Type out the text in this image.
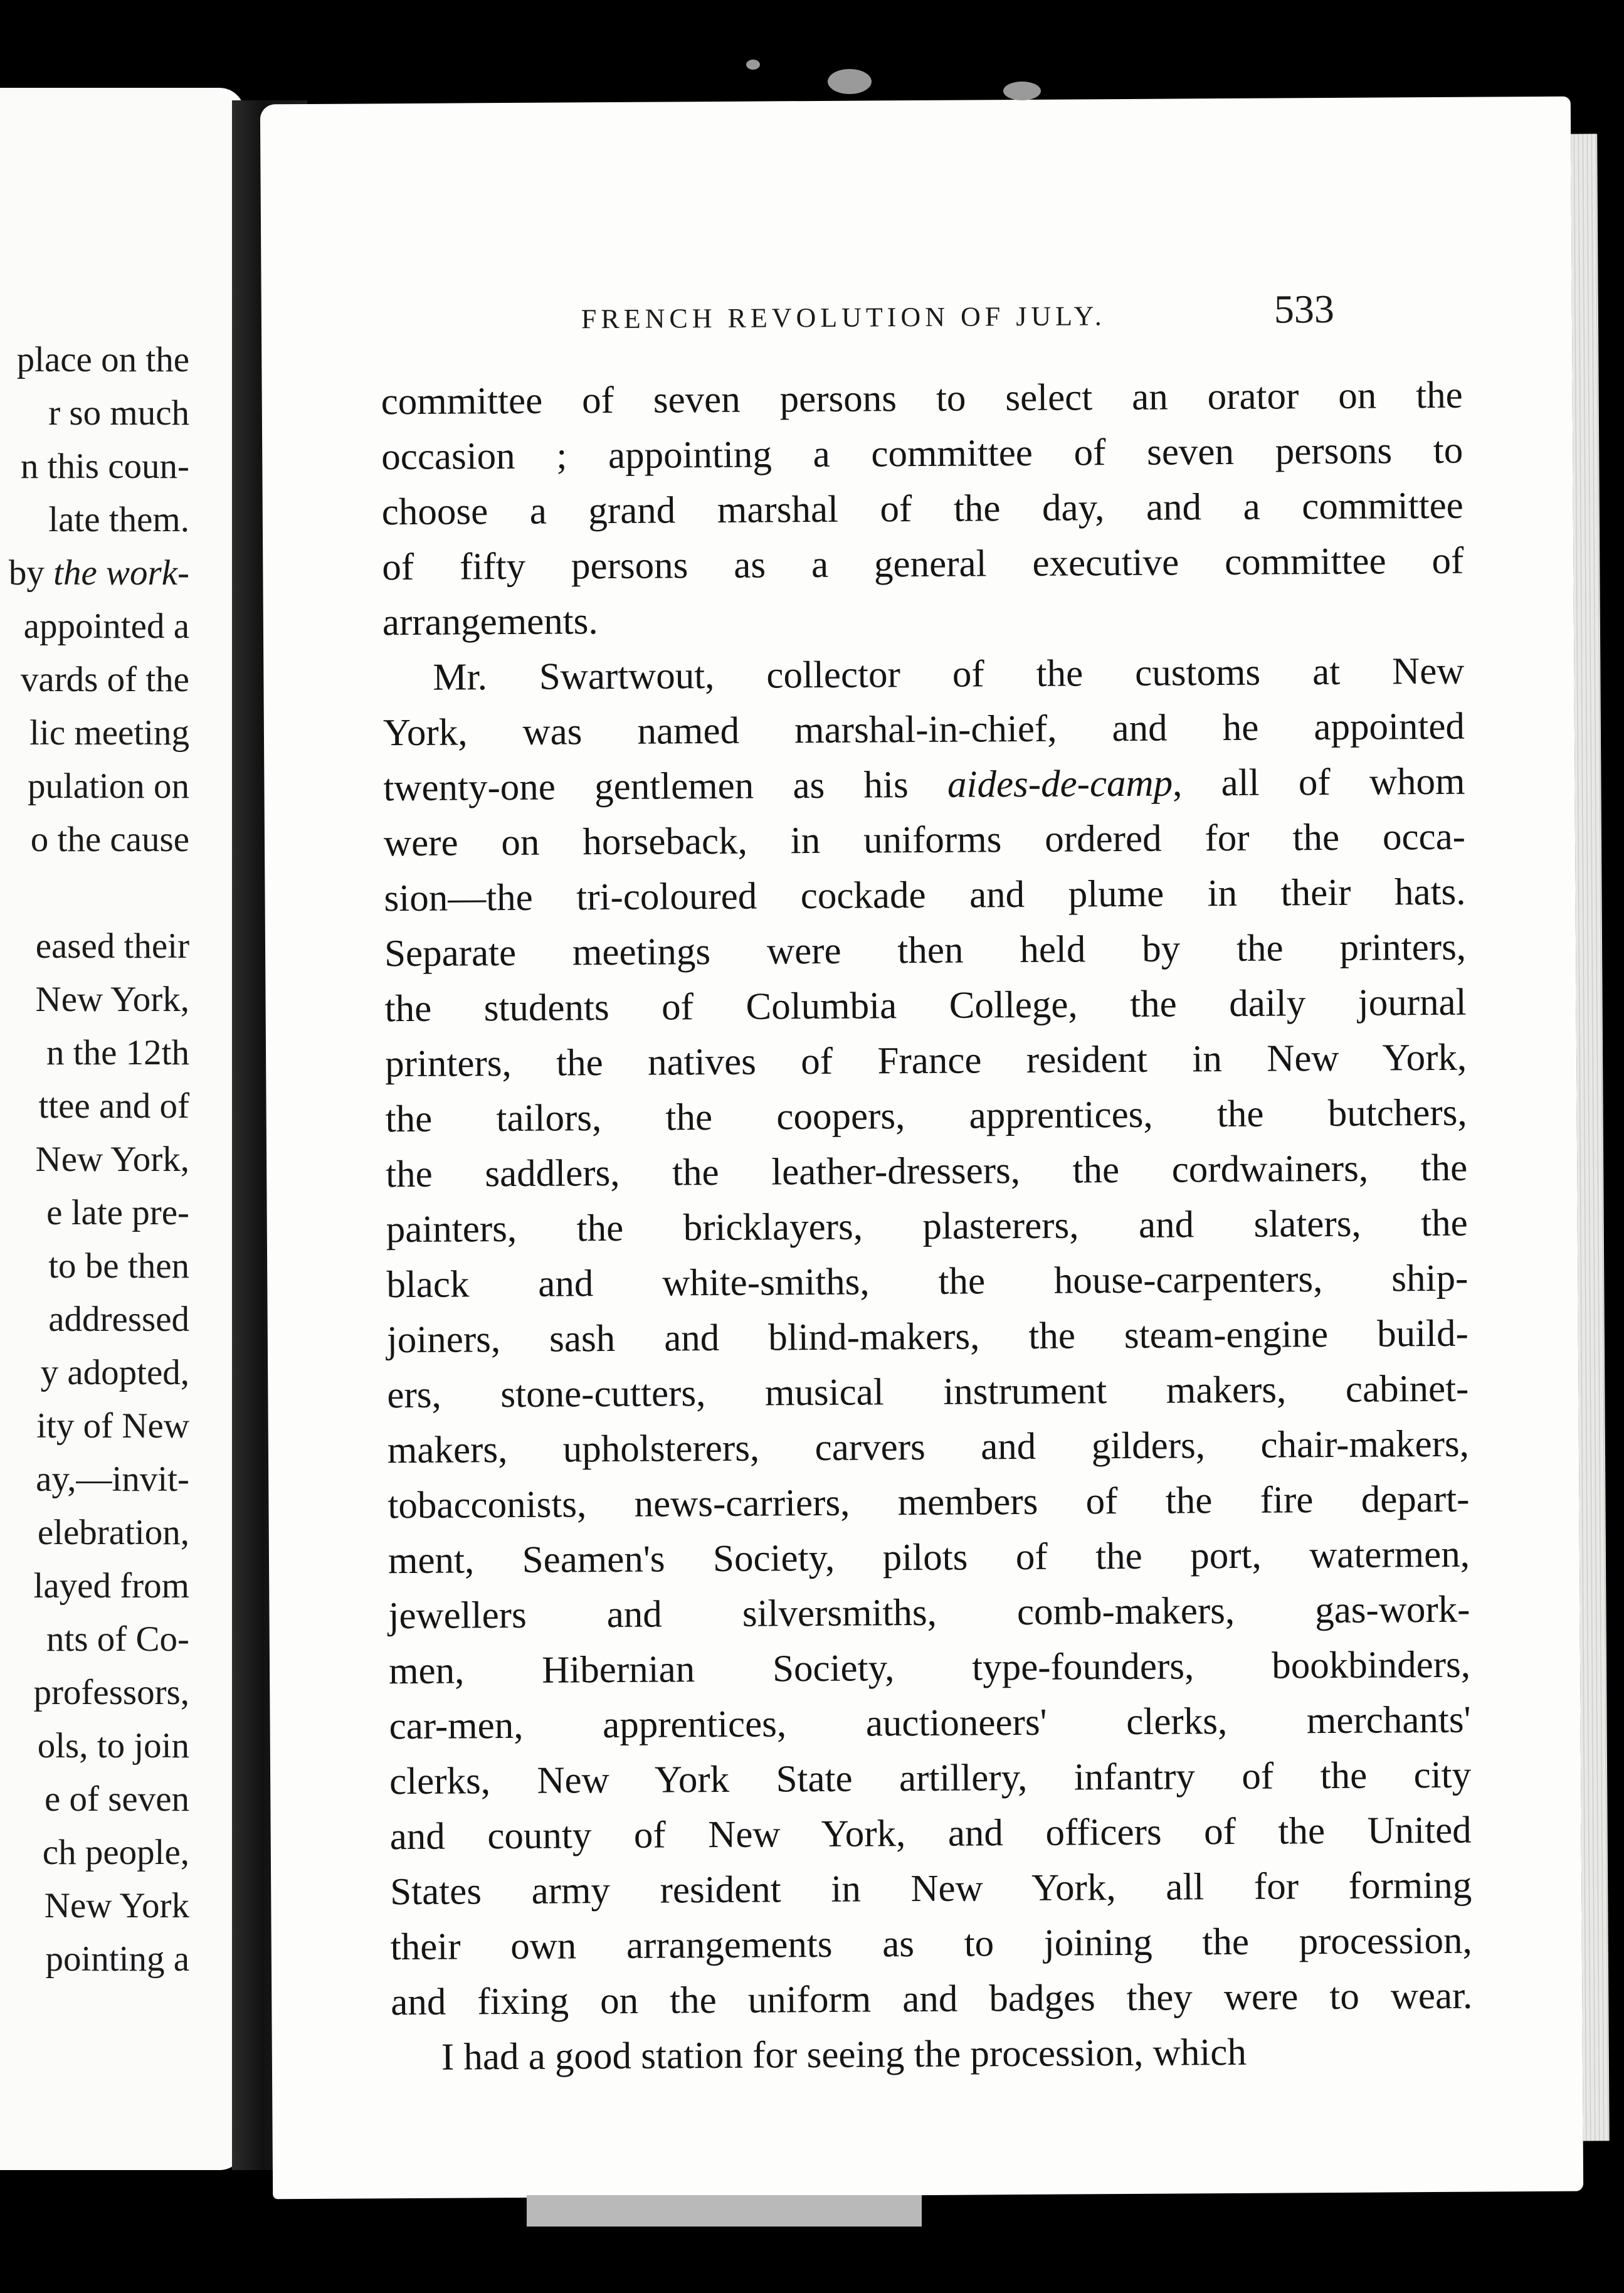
place on the
r so much
n this coun-
late them.
by the work-
appointed a
vards of the
lic meeting
pulation on
o the cause
eased their
New York,
n the 12th
ttee and of
New York,
e late pre-
to be then
addressed
y adopted,
ity of New
ay,—invit-
elebration,
layed from
nts of Co-
professors,
ols, to join
e of seven
ch people,
New York
pointing a
FRENCH REVOLUTION OF JULY.	533
committee of seven persons to select an orator on the
occasion ; appointing a committee of seven persons to
choose a grand marshal of the day, and a committee
of fifty persons as a general executive committee of
arrangements.
Mr. Swartwout, collector of the customs at New
York, was named marshal-in-chief, and he appointed
twenty-one gentlemen as his aides-de-camp, all of whom
were on horseback, in uniforms ordered for the occa-
sion—the tri-coloured cockade and plume in their hats.
Separate meetings were then held by the printers,
the students of Columbia College, the daily journal
printers, the natives of France resident in New York,
the tailors, the coopers, apprentices, the butchers,
the saddlers, the leather-dressers, the cordwainers, the
painters, the bricklayers, plasterers, and slaters, the
black and white-smiths, the house-carpenters, ship-
joiners, sash and blind-makers, the steam-engine build-
ers, stone-cutters, musical instrument makers, cabinet-
makers, upholsterers, carvers and gilders, chair-makers,
tobacconists, news-carriers, members of the fire depart-
ment, Seamen's Society, pilots of the port, watermen,
jewellers and silversmiths, comb-makers, gas-work-
men, Hibernian Society, type-founders, bookbinders,
car-men, apprentices, auctioneers' clerks, merchants'
clerks, New York State artillery, infantry of the city
and county of New York, and officers of the United
States army resident in New York, all for forming
their own arrangements as to joining the procession,
and fixing on the uniform and badges they were to wear.
I had a good station for seeing the procession, which
